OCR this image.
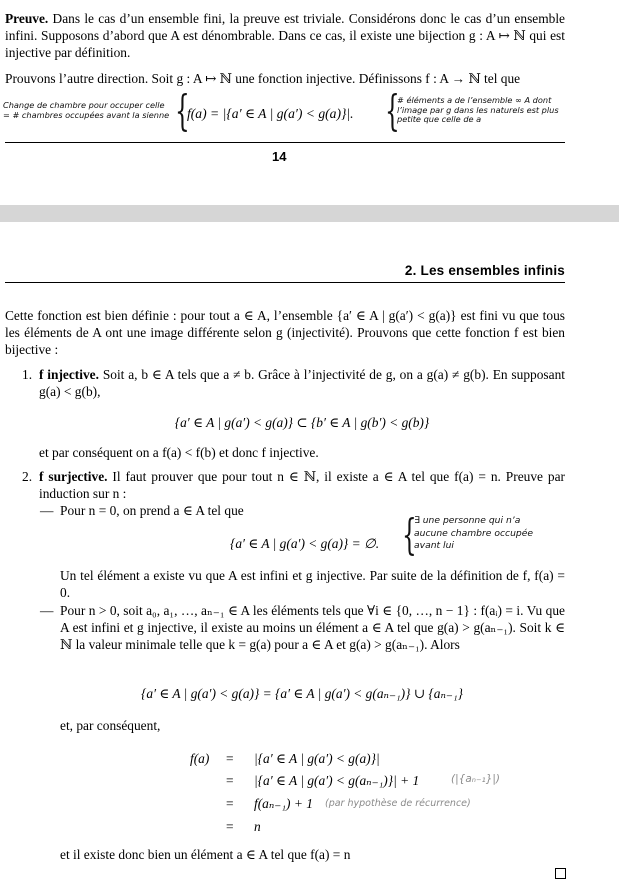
Preuve. Dans le cas d’un ensemble fini, la preuve est triviale. Considérons donc le cas d’un ensemble infini. Supposons d’abord que A est dénombrable. Dans ce cas, il existe une bijection g : A ↦ ℕ qui est injective par définition.

Prouvons l’autre direction. Soit g : A ↦ ℕ une fonction injective. Définissons f : A → ℕ tel que

Change de chambre pour occuper celle
= # chambres occupées avant la sienne {
f(a) = |{a′ ∈ A | g(a′) < g(a)}|. {
# éléments a de l’ensemble ∞ A dont
l’image par g dans les naturels est plus
petite que celle de a
14
2. Les ensembles infinis

Cette fonction est bien définie : pour tout a ∈ A, l’ensemble {a′ ∈ A | g(a′) < g(a)} est fini vu que tous les éléments de A ont une image différente selon g (injectivité). Prouvons que cette fonction f est bien bijective :

1. f injective. Soit a, b ∈ A tels que a ≠ b. Grâce à l’injectivité de g, on a g(a) ≠ g(b). En supposant g(a) < g(b),

{a′ ∈ A | g(a′) < g(a)} ⊂ {b′ ∈ A | g(b′) < g(b)}

et par conséquent on a f(a) < f(b) et donc f injective.

2. f surjective. Il faut prouver que pour tout n ∈ ℕ, il existe a ∈ A tel que f(a) = n. Preuve par induction sur n :

— Pour n = 0, on prend a ∈ A tel que

{a′ ∈ A | g(a′) < g(a)} = ∅. {
∃ une personne qui n’a
aucune chambre occupée
avant lui

Un tel élément a existe vu que A est infini et g injective. Par suite de la définition de f, f(a) = 0.

— Pour n > 0, soit a₀, a₁, …, aₙ₋₁ ∈ A les éléments tels que ∀i ∈ {0, …, n − 1} : f(aᵢ) = i. Vu que A est infini et g injective, il existe au moins un élément a ∈ A tel que g(a) > g(aₙ₋₁). Soit k ∈ ℕ la valeur minimale telle que k = g(a) pour a ∈ A et g(a) > g(aₙ₋₁). Alors

{a′ ∈ A | g(a′) < g(a)} = {a′ ∈ A | g(a′) < g(aₙ₋₁)} ∪ {aₙ₋₁}

et, par conséquent,

f(a) = |{a′ ∈ A | g(a′) < g(a)}|
= |{a′ ∈ A | g(a′) < g(aₙ₋₁)}| + 1	(|{aₙ₋₁}|)
= f(aₙ₋₁) + 1 (par hypothèse de récurrence)
= n

et il existe donc bien un élément a ∈ A tel que f(a) = n
